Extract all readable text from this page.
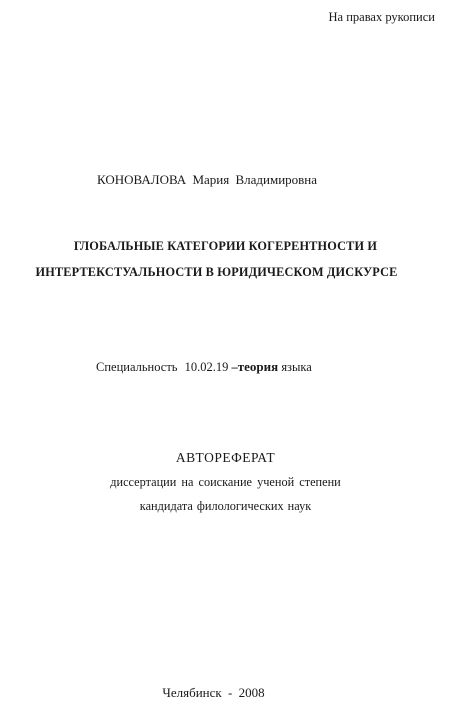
На правах рукописи
КОНОВАЛОВА Мария Владимировна
ГЛОБАЛЬНЫЕ КАТЕГОРИИ КОГЕРЕНТНОСТИ И
ИНТЕРТЕКСТУАЛЬНОСТИ В ЮРИДИЧЕСКОМ ДИСКУРСЕ
Специальность 10.02.19 –теория языка
АВТОРЕФЕРАТ
диссертации на соискание ученой степени
кандидата филологических наук
Челябинск - 2008
